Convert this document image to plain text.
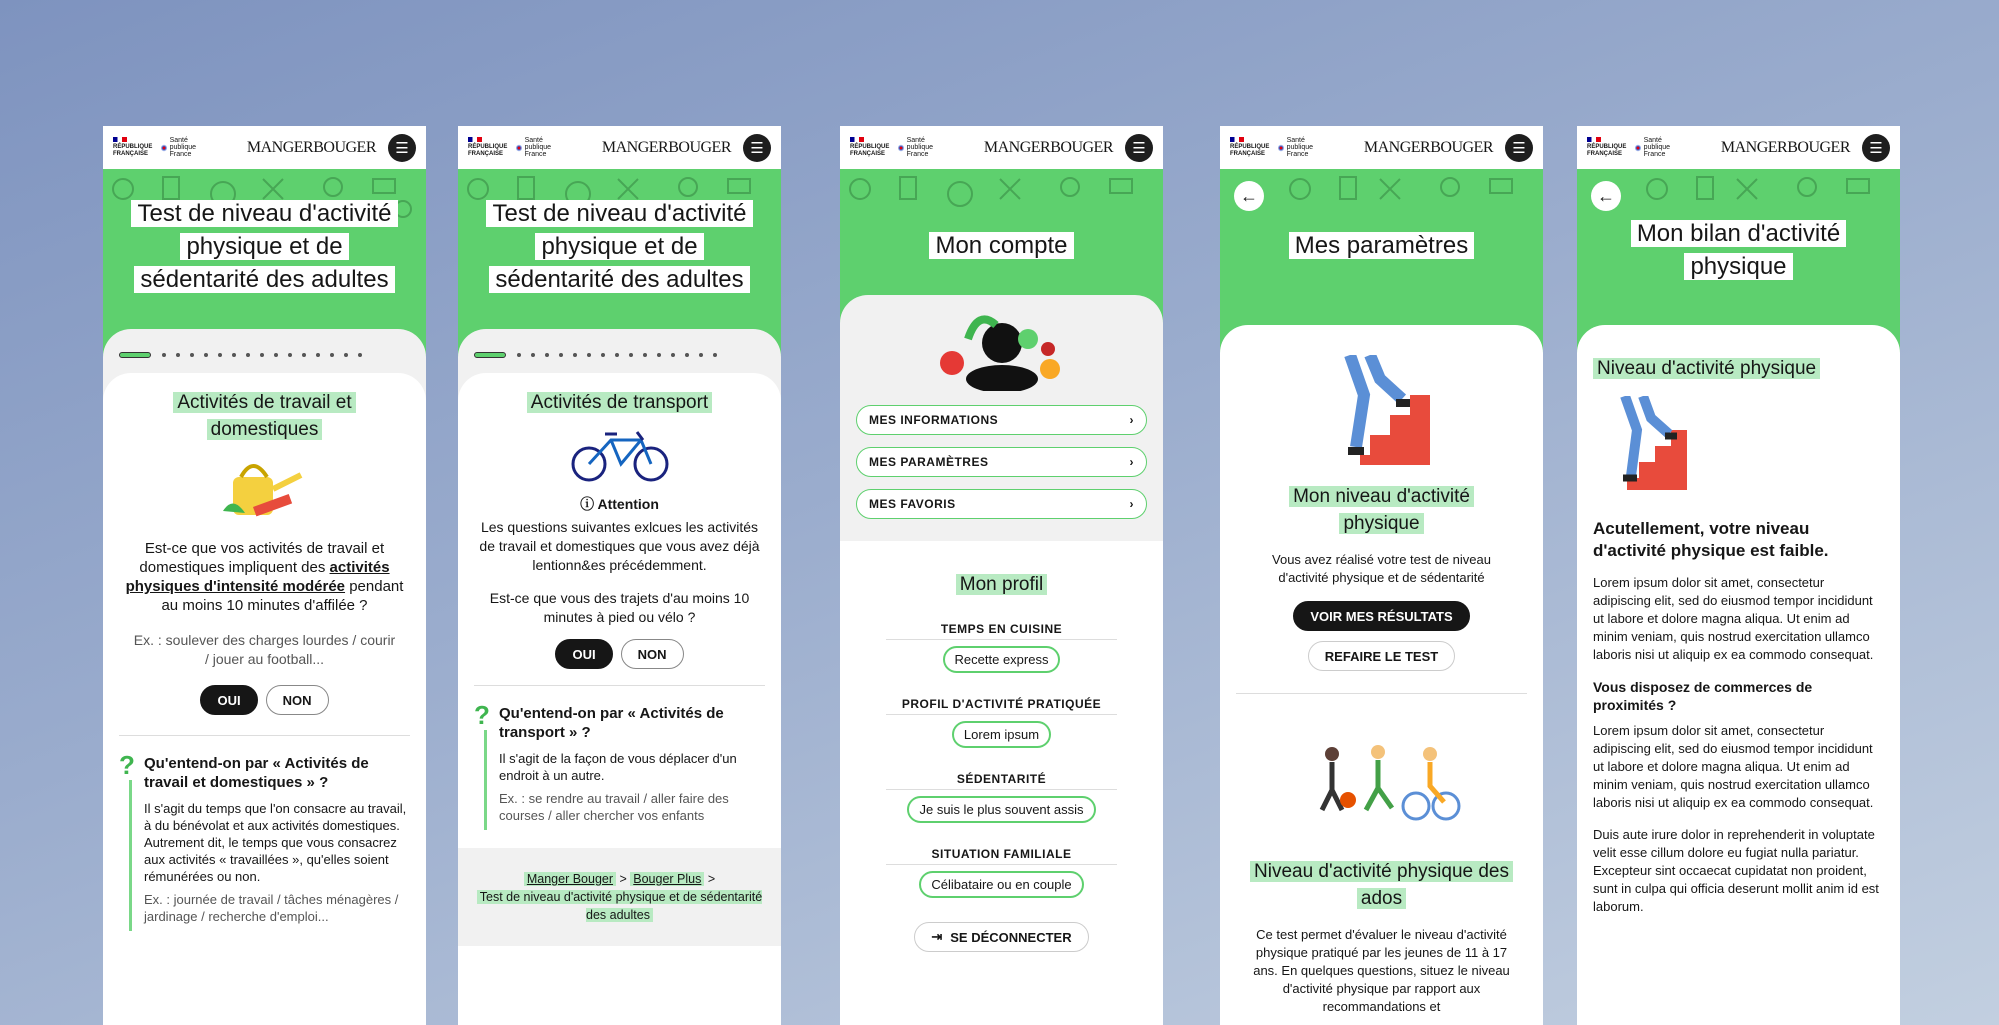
RÉPUBLIQUE FRANÇAISE
Santé publique France	MANGERBOUGER	☰
Test de niveau d'activité physique et de sédentarité des adultes
Activités de travail et domestiques

Est-ce que vos activités de travail et domestiques impliquent des activités physiques d'intensité modérée pendant au moins 10 minutes d'affilée ?

Ex. : soulever des charges lourdes / courir / jouer au football...

OUI	NON
? Qu'entend-on par « Activités de travail et domestiques » ?

Il s'agit du temps que l'on consacre au travail, à du bénévolat et aux activités domestiques. Autrement dit, le temps que vous consacrez aux activités « travaillées », qu'elles soient rémunérées ou non.

Ex. : journée de travail / tâches ménagères / jardinage / recherche d'emploi...

RÉPUBLIQUE FRANÇAISE
Santé publique France	MANGERBOUGER	☰
Test de niveau d'activité physique et de sédentarité des adultes
Activités de transport
ⓘ Attention

Les questions suivantes exlcues les activités de travail et domestiques que vous avez déjà lentionn&es précédemment.

Est-ce que vous des trajets d'au moins 10 minutes à pied ou vélo ?

OUI	NON
? Qu'entend-on par « Activités de transport » ?

Il s'agit de la façon de vous déplacer d'un endroit à un autre.

Ex. : se rendre au travail / aller faire des courses / aller chercher vos enfants

Manger Bouger > Bouger Plus >
Test de niveau d'activité physique et de sédentarité des adultes
RÉPUBLIQUE FRANÇAISE
Santé publique France	MANGERBOUGER	☰
Mon compte
MES INFORMATIONS	›
MES PARAMÈTRES	›
MES FAVORIS	›
Mon profil
TEMPS EN CUISINE
Recette express
PROFIL D'ACTIVITÉ PRATIQUÉE
Lorem ipsum
SÉDENTARITÉ
Je suis le plus souvent assis
SITUATION FAMILIALE
Célibataire ou en couple
⇥ SE DÉCONNECTER
RÉPUBLIQUE FRANÇAISE
Santé publique France	MANGERBOUGER	☰
←
Mes paramètres
Mon niveau d'activité physique

Vous avez réalisé votre test de niveau d'activité physique et de sédentarité

VOIR MES RÉSULTATS
REFAIRE LE TEST
Niveau d'activité physique des ados

Ce test permet d'évaluer le niveau d'activité physique pratiqué par les jeunes de 11 à 17 ans. En quelques questions, situez le niveau d'activité physique par rapport aux recommandations et

RÉPUBLIQUE FRANÇAISE
Santé publique France	MANGERBOUGER	☰
←
Mon bilan d'activité physique
Niveau d'activité physique
Acutellement, votre niveau d'activité physique est faible.

Lorem ipsum dolor sit amet, consectetur adipiscing elit, sed do eiusmod tempor incididunt ut labore et dolore magna aliqua. Ut enim ad minim veniam, quis nostrud exercitation ullamco laboris nisi ut aliquip ex ea commodo consequat.

Vous disposez de commerces de proximités ?

Lorem ipsum dolor sit amet, consectetur adipiscing elit, sed do eiusmod tempor incididunt ut labore et dolore magna aliqua. Ut enim ad minim veniam, quis nostrud exercitation ullamco laboris nisi ut aliquip ex ea commodo consequat.

Duis aute irure dolor in reprehenderit in voluptate velit esse cillum dolore eu fugiat nulla pariatur. Excepteur sint occaecat cupidatat non proident, sunt in culpa qui officia deserunt mollit anim id est laborum.
